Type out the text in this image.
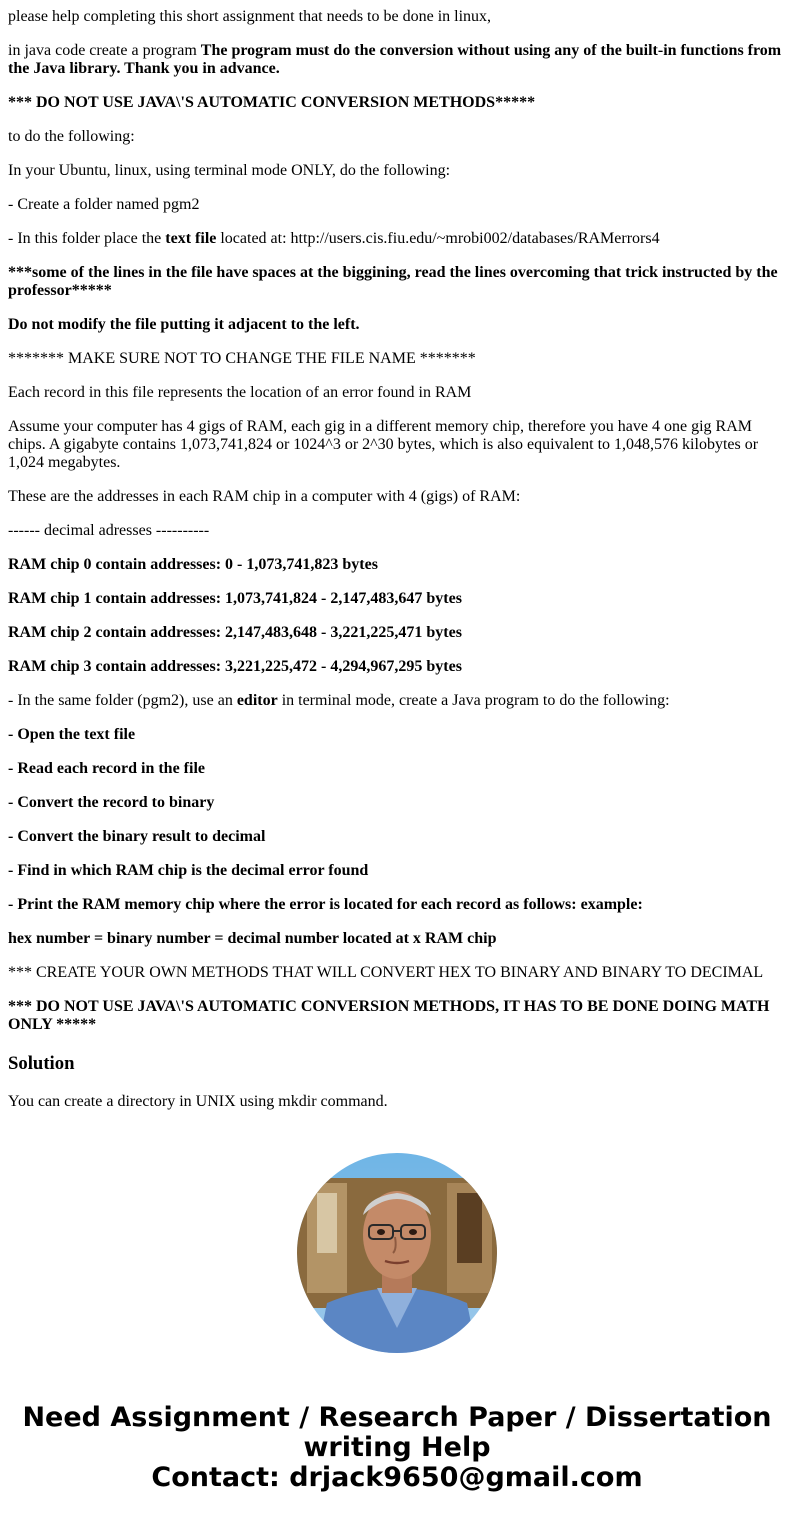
please help completing this short assignment that needs to be done in linux,

in java code create a program The program must do the conversion without using any of the built-in functions from the Java library. Thank you in advance.

*** DO NOT USE JAVA\'S AUTOMATIC CONVERSION METHODS*****

to do the following:

In your Ubuntu, linux, using terminal mode ONLY, do the following:

- Create a folder named pgm2

- In this folder place the text file located at: http://users.cis.fiu.edu/~mrobi002/databases/RAMerrors4

***some of the lines in the file have spaces at the biggining, read the lines overcoming that trick instructed by the professor*****

Do not modify the file putting it adjacent to the left.

******* MAKE SURE NOT TO CHANGE THE FILE NAME *******

Each record in this file represents the location of an error found in RAM

Assume your computer has 4 gigs of RAM, each gig in a different memory chip, therefore you have 4 one gig RAM chips. A gigabyte contains 1,073,741,824 or 1024^3 or 2^30 bytes, which is also equivalent to 1,048,576 kilobytes or 1,024 megabytes.

These are the addresses in each RAM chip in a computer with 4 (gigs) of RAM:

------ decimal adresses ----------

RAM chip 0 contain addresses: 0 - 1,073,741,823 bytes

RAM chip 1 contain addresses: 1,073,741,824 - 2,147,483,647 bytes

RAM chip 2 contain addresses: 2,147,483,648 - 3,221,225,471 bytes

RAM chip 3 contain addresses: 3,221,225,472 - 4,294,967,295 bytes

- In the same folder (pgm2), use an editor in terminal mode, create a Java program to do the following:

- Open the text file

- Read each record in the file

- Convert the record to binary

- Convert the binary result to decimal

- Find in which RAM chip is the decimal error found

- Print the RAM memory chip where the error is located for each record as follows: example:

hex number = binary number = decimal number located at x RAM chip

*** CREATE YOUR OWN METHODS THAT WILL CONVERT HEX TO BINARY AND BINARY TO DECIMAL

*** DO NOT USE JAVA\'S AUTOMATIC CONVERSION METHODS, IT HAS TO BE DONE DOING MATH ONLY *****

Solution

You can create a directory in UNIX using mkdir command.

Need Assignment / Research Paper / Dissertation
writing Help
Contact: drjack9650@gmail.com
